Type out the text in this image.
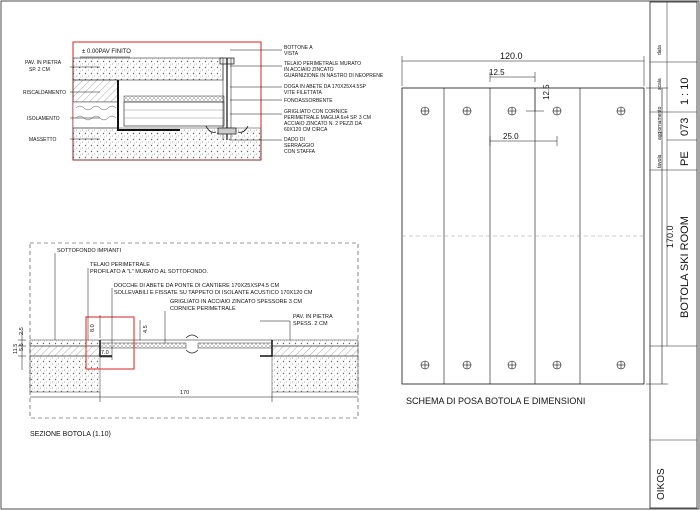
± 0.00PAV FINITO
PAV. IN PIETRA
SP. 2 CM
RISCALDAMENTO
ISOLAMENTO
MASSETTO
BOTTONE A
VISTA
TELAIO PERIMETRALE MURATO
IN ACCIAIO ZINCATO
GUARNIZIONE IN NASTRO DI NEOPRENE
DOGA IN ABETE DA 170X25X4.5SP
VITE FILETTATA
FONOASSORBENTE
GRIGLIATO CON CORNICE
PERIMETRALE MAGLIA 6x4 SP. 3 CM
ACCIAIO ZINCATO N. 2 PEZZI DA
60X120 CM CIRCA
DADO DI
SERRAGGIO
CON STAFFA
SOTTOFONDO IMPIANTI
TELAIO PERIMETRALE
PROFILATO A "L" MURATO AL SOTTOFONDO.
DOCCHE DI ABETE DA PONTE DI CANTIERE 170X25XSP4.5 CM
SOLLEVABILI E FISSATE SU TAPPETO DI ISOLANTE ACUSTICO 170X120 CM
GRIGLIATO IN ACCIAIO ZINCATO SPESSORE 3 CM
CORNICE PERIMETRALE
PAV. IN PIETRA
SPESS. 2 CM
8.0	4.5
7.0
170
2.5
5.5
11.5
SEZIONE BOTOLA (1.10)
120.0
12.5
12.5
25.0
170.0
SCHEMA DI POSA BOTOLA E DIMENSIONI
tavola
aggiornamento
scala
data
BOTOLA SKI ROOM
PE
073
1 : 10
OIKOS
